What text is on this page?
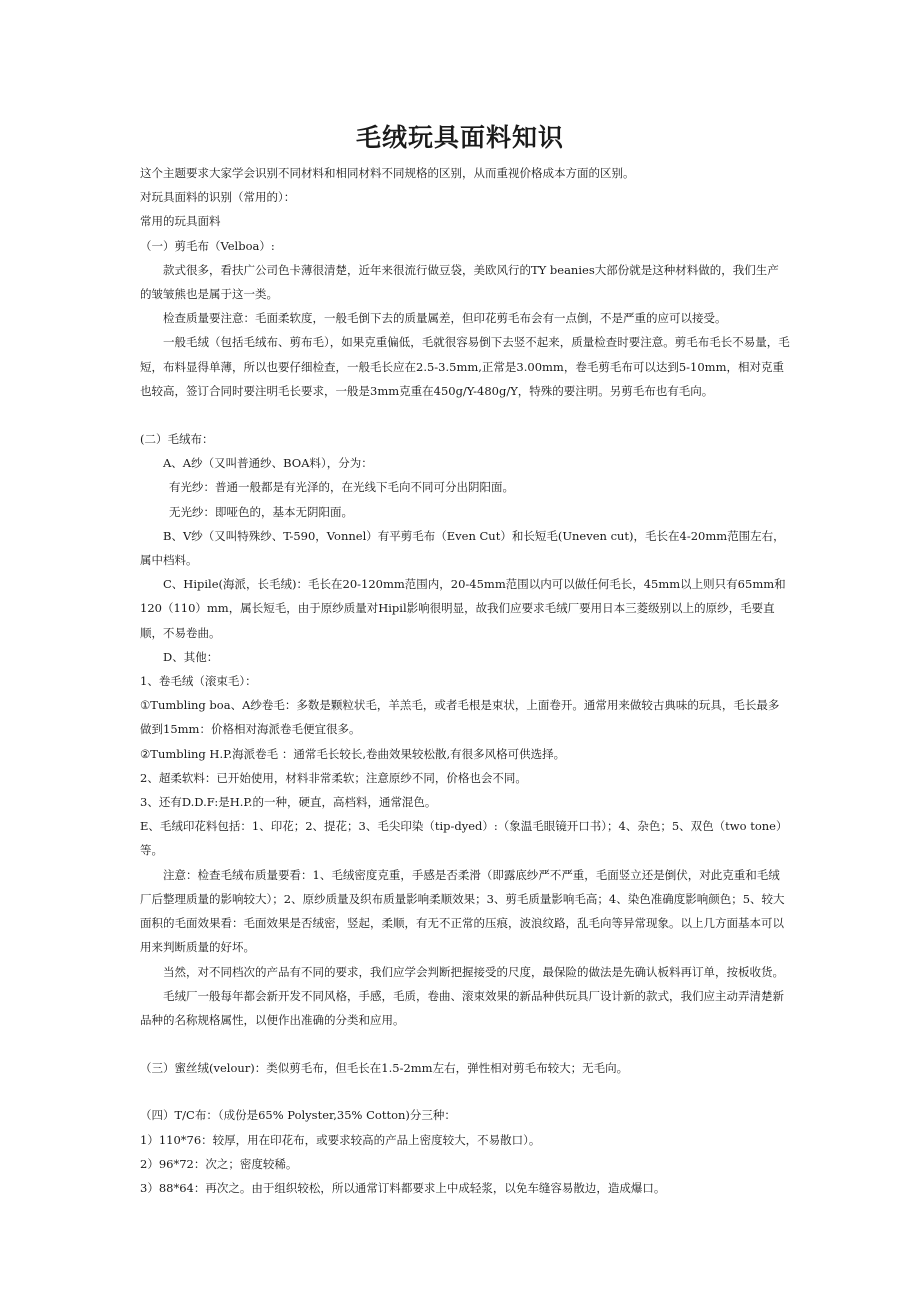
毛绒玩具面料知识

这个主题要求大家学会识别不同材料和相同材料不同规格的区别，从而重视价格成本方面的区别。

对玩具面料的识别（常用的）：

常用的玩具面料

（一）剪毛布（Velboa）:

款式很多，看扶广公司色卡薄很清楚，近年来很流行做豆袋，美欧风行的TY beanies大部份就是这种材料做的，我们生产的皱皱熊也是属于这一类。

检查质量要注意：毛面柔软度，一般毛倒下去的质量属差，但印花剪毛布会有一点倒，不是严重的应可以接受。

一般毛绒（包括毛绒布、剪布毛），如果克重偏低，毛就很容易倒下去竖不起来，质量检查时要注意。剪毛布毛长不易量，毛短，布料显得单薄，所以也要仔细检查，一般毛长应在2.5-3.5mm,正常是3.00mm，卷毛剪毛布可以达到5-10mm，相对克重也较高，签订合同时要注明毛长要求，一般是3mm克重在450g/Y-480g/Y，特殊的要注明。另剪毛布也有毛向。

(二）毛绒布：

A、A纱（又叫普通纱、BOA料），分为：

有光纱：普通一般都是有光泽的，在光线下毛向不同可分出阴阳面。

无光纱：即哑色的，基本无阴阳面。

B、V纱（又叫特殊纱、T-590，Vonnel）有平剪毛布（Even Cut）和长短毛(Uneven cut)，毛长在4-20mm范围左右，属中档料。

C、Hipile(海派，长毛绒)：毛长在20-120mm范围内，20-45mm范围以内可以做任何毛长，45mm以上则只有65mm和120（110）mm，属长短毛，由于原纱质量对Hipil影响很明显，故我们应要求毛绒厂要用日本三菱级别以上的原纱，毛要直顺，不易卷曲。

D、其他：

1、卷毛绒（滚束毛）：

①Tumbling boa、A纱卷毛：多数是颗粒状毛，羊羔毛，或者毛根是束状，上面卷开。通常用来做较古典味的玩具，毛长最多做到15mm：价格相对海派卷毛便宜很多。

②Tumbling H.P.海派卷毛 ：通常毛长较长,卷曲效果较松散,有很多风格可供选择。

2、超柔软料：已开始使用，材料非常柔软；注意原纱不同，价格也会不同。

3、还有D.D.F:是H.P.的一种，硬直，高档料，通常混色。

E、毛绒印花料包括：1、印花；2、提花；3、毛尖印染（tip-dyed）:（象温毛眼镜开口书）；4、杂色；5、双色（two tone）等。

注意：检查毛绒布质量要看：1、毛绒密度克重，手感是否柔滑（即露底纱严不严重，毛面竖立还是倒伏，对此克重和毛绒厂后整理质量的影响较大）；2、原纱质量及织布质量影响柔顺效果；3、剪毛质量影响毛高；4、染色准确度影响颜色；5、较大面积的毛面效果看：毛面效果是否绒密，竖起，柔顺，有无不正常的压痕，波浪纹路，乱毛向等异常现象。以上几方面基本可以用来判断质量的好坏。

当然，对不同档次的产品有不同的要求，我们应学会判断把握接受的尺度，最保险的做法是先确认板料再订单，按板收货。

毛绒厂一般每年都会新开发不同风格，手感，毛质，卷曲、滚束效果的新品种供玩具厂设计新的款式，我们应主动弄清楚新品种的名称规格属性，以便作出准确的分类和应用。

（三）蜜丝绒(velour)：类似剪毛布，但毛长在1.5-2mm左右，弹性相对剪毛布较大；无毛向。

（四）T/C布：（成份是65% Polyster,35% Cotton)分三种：

1）110*76：较厚，用在印花布，或要求较高的产品上密度较大，不易散口）。

2）96*72：次之；密度较稀。

3）88*64：再次之。由于组织较松，所以通常订料都要求上中成轻浆，以免车缝容易散边，造成爆口。
